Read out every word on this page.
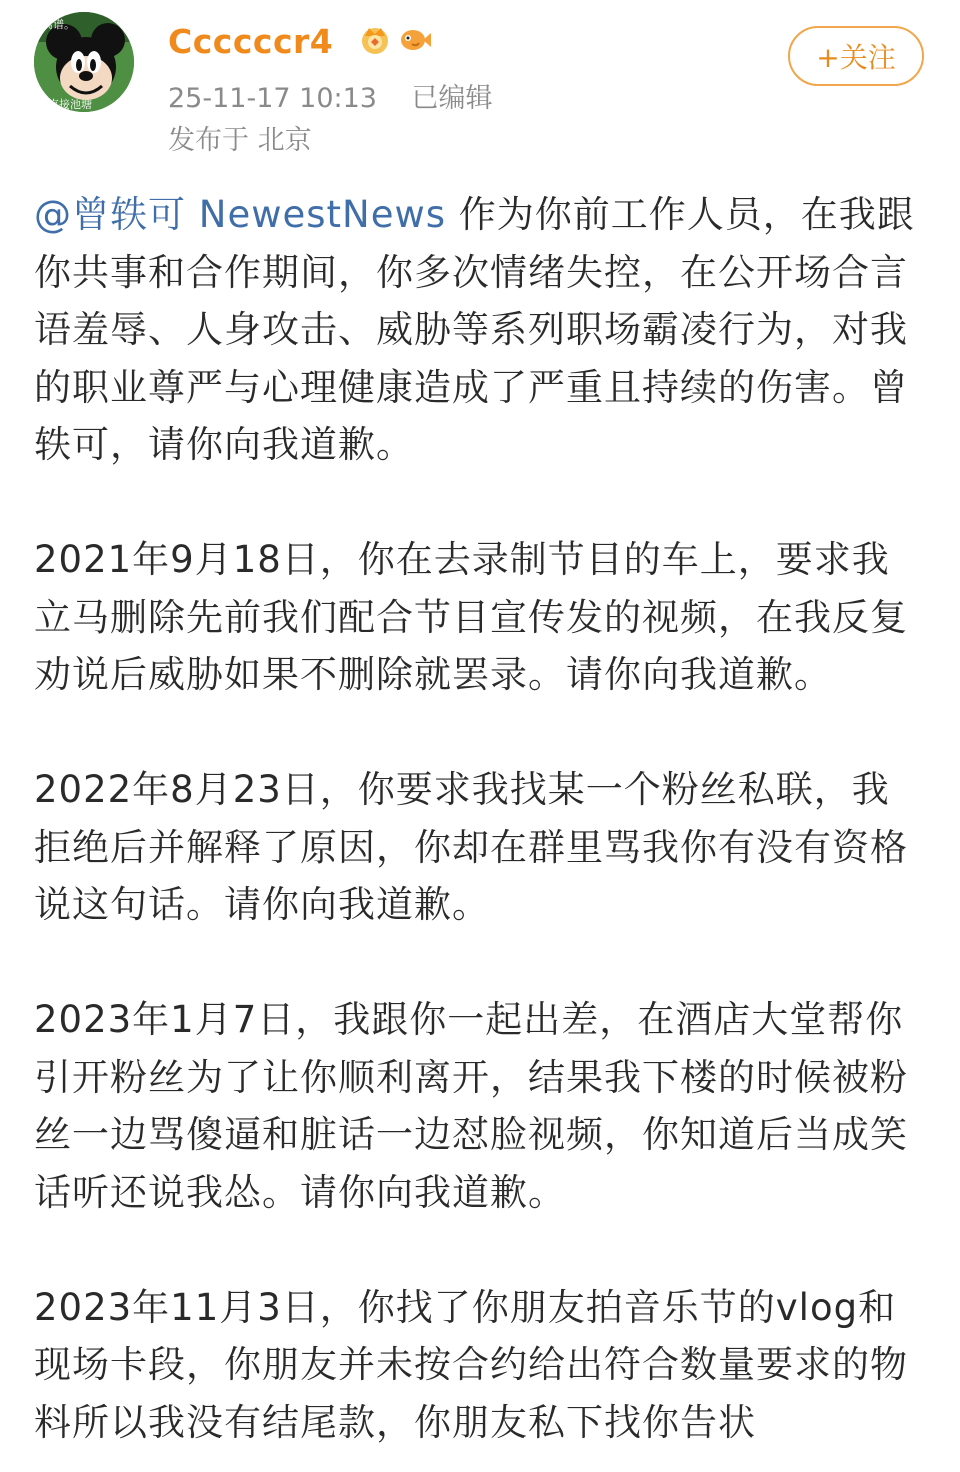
离谱。
直接池塘
Ccccccr4
25-11-17 10:13 已编辑
发布于 北京
+关注

@曾轶可 NewestNews 作为你前工作人员，在我跟你共事和合作期间，你多次情绪失控，在公开场合言语羞辱、人身攻击、威胁等系列职场霸凌行为，对我的职业尊严与心理健康造成了严重且持续的伤害。曾轶可，请你向我道歉。

2021年9月18日，你在去录制节目的车上，要求我立马删除先前我们配合节目宣传发的视频，在我反复劝说后威胁如果不删除就罢录。请你向我道歉。

2022年8月23日，你要求我找某一个粉丝私联，我拒绝后并解释了原因，你却在群里骂我你有没有资格说这句话。请你向我道歉。

2023年1月7日，我跟你一起出差，在酒店大堂帮你引开粉丝为了让你顺利离开，结果我下楼的时候被粉丝一边骂傻逼和脏话一边怼脸视频，你知道后当成笑话听还说我怂。请你向我道歉。

2023年11月3日，你找了你朋友拍音乐节的vlog和现场卡段，你朋友并未按合约给出符合数量要求的物料所以我没有结尾款，你朋友私下找你告状
